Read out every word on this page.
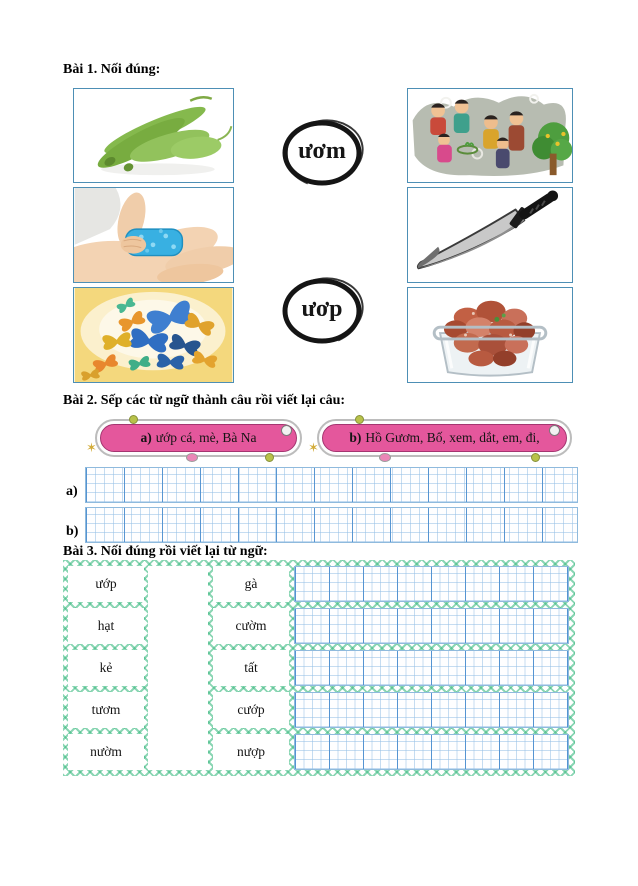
Bài 1. Nối đúng:
ươm
ươp
Bài 2. Sếp các từ ngữ thành câu rồi viết lại câu:
a) ướp cá, mè, Bà Na
✶
b) Hồ Gươm, Bố, xem, dắt, em, đi,
✶
a)
b)
Bài 3. Nối đúng rồi viết lại từ ngữ:
ướp
hạt
kẻ
tươm
nườm
gà
cườm
tất
cướp
nượp
